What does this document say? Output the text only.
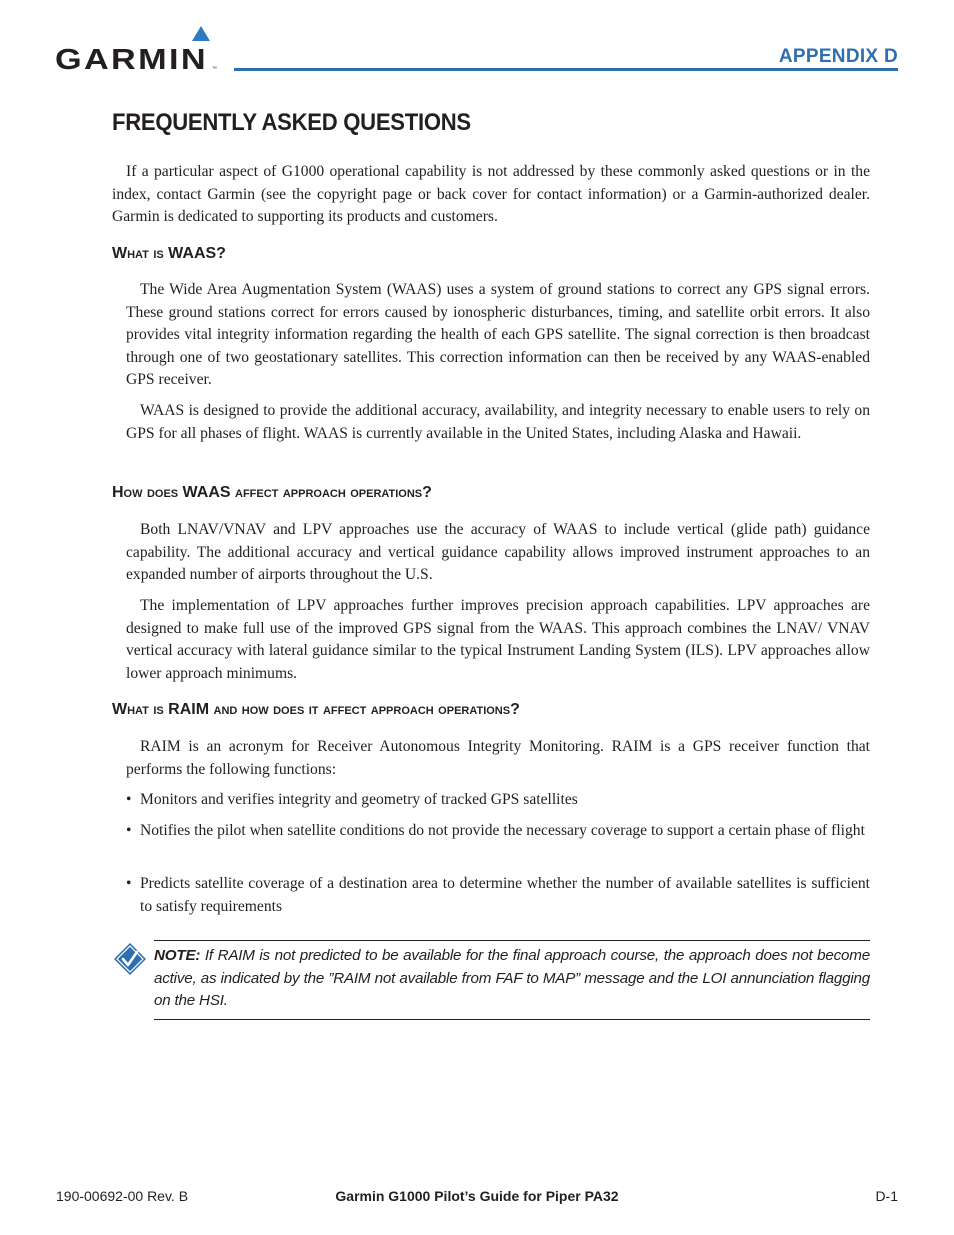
GARMIN ™
APPENDIX D
FREQUENTLY ASKED QUESTIONS

If a particular aspect of G1000 operational capability is not addressed by these commonly asked questions or in the index, contact Garmin (see the copyright page or back cover for contact information) or a Garmin-authorized dealer. Garmin is dedicated to supporting its products and customers.

What is WAAS?

The Wide Area Augmentation System (WAAS) uses a system of ground stations to correct any GPS signal errors. These ground stations correct for errors caused by ionospheric disturbances, timing, and satellite orbit errors. It also provides vital integrity information regarding the health of each GPS satellite. The signal correction is then broadcast through one of two geostationary satellites. This correction information can then be received by any WAAS-enabled GPS receiver.

WAAS is designed to provide the additional accuracy, availability, and integrity necessary to enable users to rely on GPS for all phases of flight. WAAS is currently available in the United States, including Alaska and Hawaii.

How does WAAS affect approach operations?

Both LNAV/VNAV and LPV approaches use the accuracy of WAAS to include vertical (glide path) guidance capability. The additional accuracy and vertical guidance capability allows improved instrument approaches to an expanded number of airports throughout the U.S.

The implementation of LPV approaches further improves precision approach capabilities. LPV approaches are designed to make full use of the improved GPS signal from the WAAS. This approach combines the LNAV/ VNAV vertical accuracy with lateral guidance similar to the typical Instrument Landing System (ILS). LPV approaches allow lower approach minimums.

What is RAIM and how does it affect approach operations?

RAIM is an acronym for Receiver Autonomous Integrity Monitoring. RAIM is a GPS receiver function that performs the following functions:

• Monitors and verifies integrity and geometry of tracked GPS satellites
• Notifies the pilot when satellite conditions do not provide the necessary coverage to support a certain phase of flight
• Predicts satellite coverage of a destination area to determine whether the number of available satellites is sufficient to satisfy requirements
NOTE: If RAIM is not predicted to be available for the final approach course, the approach does not become active, as indicated by the ”RAIM not available from FAF to MAP” message and the LOI annunciation flagging on the HSI.
190-00692-00 Rev. B	Garmin G1000 Pilot’s Guide for Piper PA32	D-1
